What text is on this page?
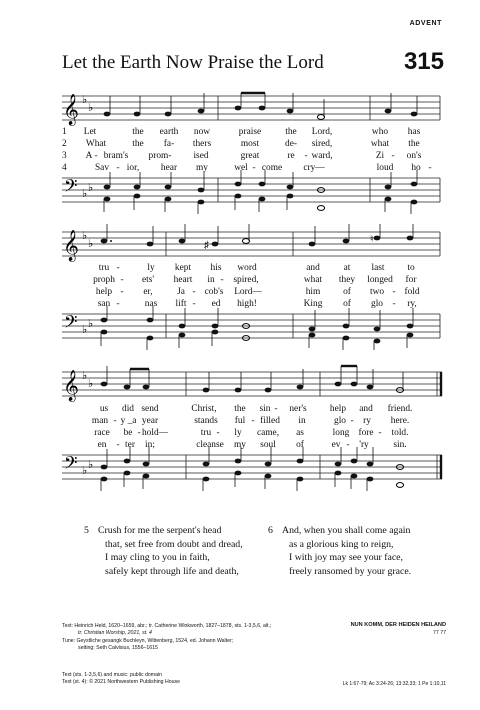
ADVENT
Let the Earth Now Praise the Lord	315
𝄞 ♭
♭
1
2
3
4
Let	the earth now	praise	the Lord,	who has
What	the fa- thers	most	de- sired,	what the
A - bram's prom- ised	great	re - ward,	Zi - on's
Sav - ior, hear my	wel - come cry—	loud ho -
𝄢 ♭ ♭
𝄞 ♭
♭	♯
♮
tru -	ly kept his word	and	at last to
proph - ets' heart in - spired,	what they longed for
help - er,	Ja - cob's Lord—	him of two - fold
san -	nas lift - ed high!	King of glo - ry,
𝄢 ♭ ♭
𝄞 ♭
♭
us did send	Christ, the sin - ner's help and friend.
man - y _a year	stands ful - filled in	glo - ry here.
race be - hold—	tru - ly came, as	long fore - told.
en - ter in;	cleanse my soul of	ev - 'ry	sin.
𝄢 ♭ ♭
5 Crush for me the serpent's head
that, set free from doubt and dread,
I may cling to you in faith,
safely kept through life and death,
6 And, when you shall come again
as a glorious king to reign,
I with joy may see your face,
freely ransomed by your grace.
Text: Heinrich Held, 1620–1659, abr.; tr. Catherine Winkworth, 1827–1878, sts. 1-3,5,6, alt.;
tr. Christian Worship, 2021, st. 4
Tune: Geystliche gesangk Buchleyn, Wittenberg, 1524, ed. Johann Walter;
setting: Seth Calvisius, 1556–1615
Text (sts. 1-3,5,6) and music: public domain
Text (st. 4): © 2021 Northwestern Publishing House
NUN KOMM, DER HEIDEN HEILAND
77 77
Lk 1:67-79; Ac 3:24-26; 13:32,33; 1 Pe 1:10,11
